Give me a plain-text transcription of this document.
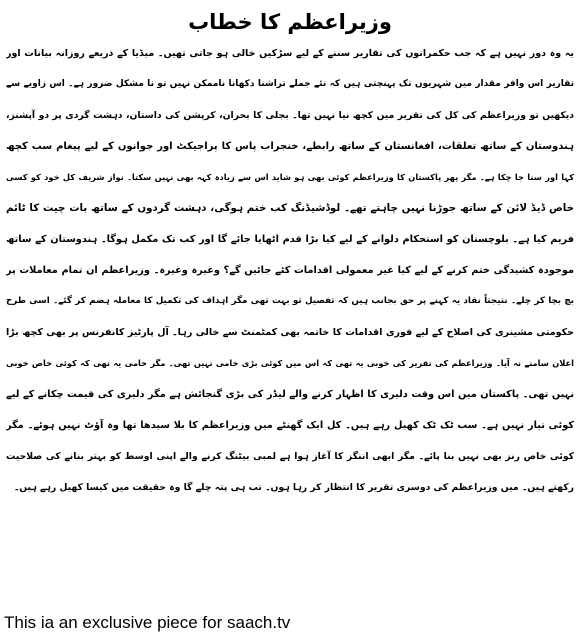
وزیراعظم کا خطاب
یہ وہ دور نہیں ہے کہ جب حکمرانوں کی تقاریر سننے کے لیے سڑکیں خالی ہو جاتی تھیں۔ میڈیا کے ذریعے روزانہ بیانات اور
تقاریر اس وافر مقدار میں شہریوں تک پہنچتی ہیں کہ نئے جملے تراشنا دکھانا ناممکن نہیں تو نا مشکل ضرور ہے۔ اس زاویے سے
دیکھیں تو وزیراعظم کی کل کی تقریر میں کچھ نیا نہیں تھا۔ بجلی کا بحران، کرپشن کی داستان، دہشت گردی پر دو آپشنز،
ہندوستان کے ساتھ تعلقات، افغانستان کے ساتھ رابطے، خنجراب پاس کا پراجیکٹ اور جوانوں کے لیے پیغام سب کچھ
کہا اور سنا جا چکا ہے۔ مگر پھر پاکستان کا وزیراعظم کوئی بھی ہو شاید اس سے زیادہ کہہ بھی نہیں سکتا۔ نواز شریف کل خود کو کسی
خاص ڈیڈ لائن کے ساتھ جوڑنا نہیں چاہتے تھے۔ لوڈشیڈنگ کب ختم ہوگی، دہشت گردوں کے ساتھ بات چیت کا ٹائم
فریم کیا ہے۔ بلوچستان کو استحکام دلوانے کے لیے کیا بڑا قدم اٹھایا جائے گا اور کب تک مکمل ہوگا۔ ہندوستان کے ساتھ
موجودہ کشیدگی ختم کرنے کے لیے کیا غیر معمولی اقدامات کئے جائیں گے؟ وغیرہ وغیرہ۔ وزیراعظم ان تمام معاملات پر
بچ بچا کر چلے۔ نتیجتاً نقاد یہ کہنے پر حق بجانب ہیں کہ تفصیل تو بہت تھی مگر اہداف کی تکمیل کا معاملہ ہضم کر گئے۔ اسی طرح
حکومتی مشینری کی اصلاح کے لیے فوری اقدامات کا خاتمہ بھی کمٹمنٹ سے خالی رہا۔ آل پارٹیز کانفرنس پر بھی کچھ بڑا
اعلان سامنے نہ آیا۔ وزیراعظم کی تقریر کی خوبی یہ تھی کہ اس میں کوئی بڑی خامی نہیں تھی۔ مگر خامی یہ تھی کہ کوئی خاص خوبی
نہیں تھی۔ پاکستان میں اس وقت دلیری کا اظہار کرنے والے لیڈر کی بڑی گنجائش ہے مگر دلیری کی قیمت چکانے کے لیے
کوئی تیار نہیں ہے۔ سب ٹک ٹک کھیل رہے ہیں۔ کل ایک گھنٹے میں وزیراعظم کا بلا سیدھا تھا وہ آؤٹ نہیں ہوئے۔ مگر
کوئی خاص رنز بھی نہیں بنا پائے۔ مگر ابھی اننگز کا آغاز ہوا ہے لمبی بیٹنگ کرنے والے اپنی اوسط کو بہتر بنانے کی صلاحیت
رکھتے ہیں۔ میں وزیراعظم کی دوسری تقریر کا انتظار کر رہا ہوں۔ تب ہی پتہ چلے گا وہ حقیقت میں کیسا کھیل رہے ہیں۔
This ia an exclusive piece for saach.tv
